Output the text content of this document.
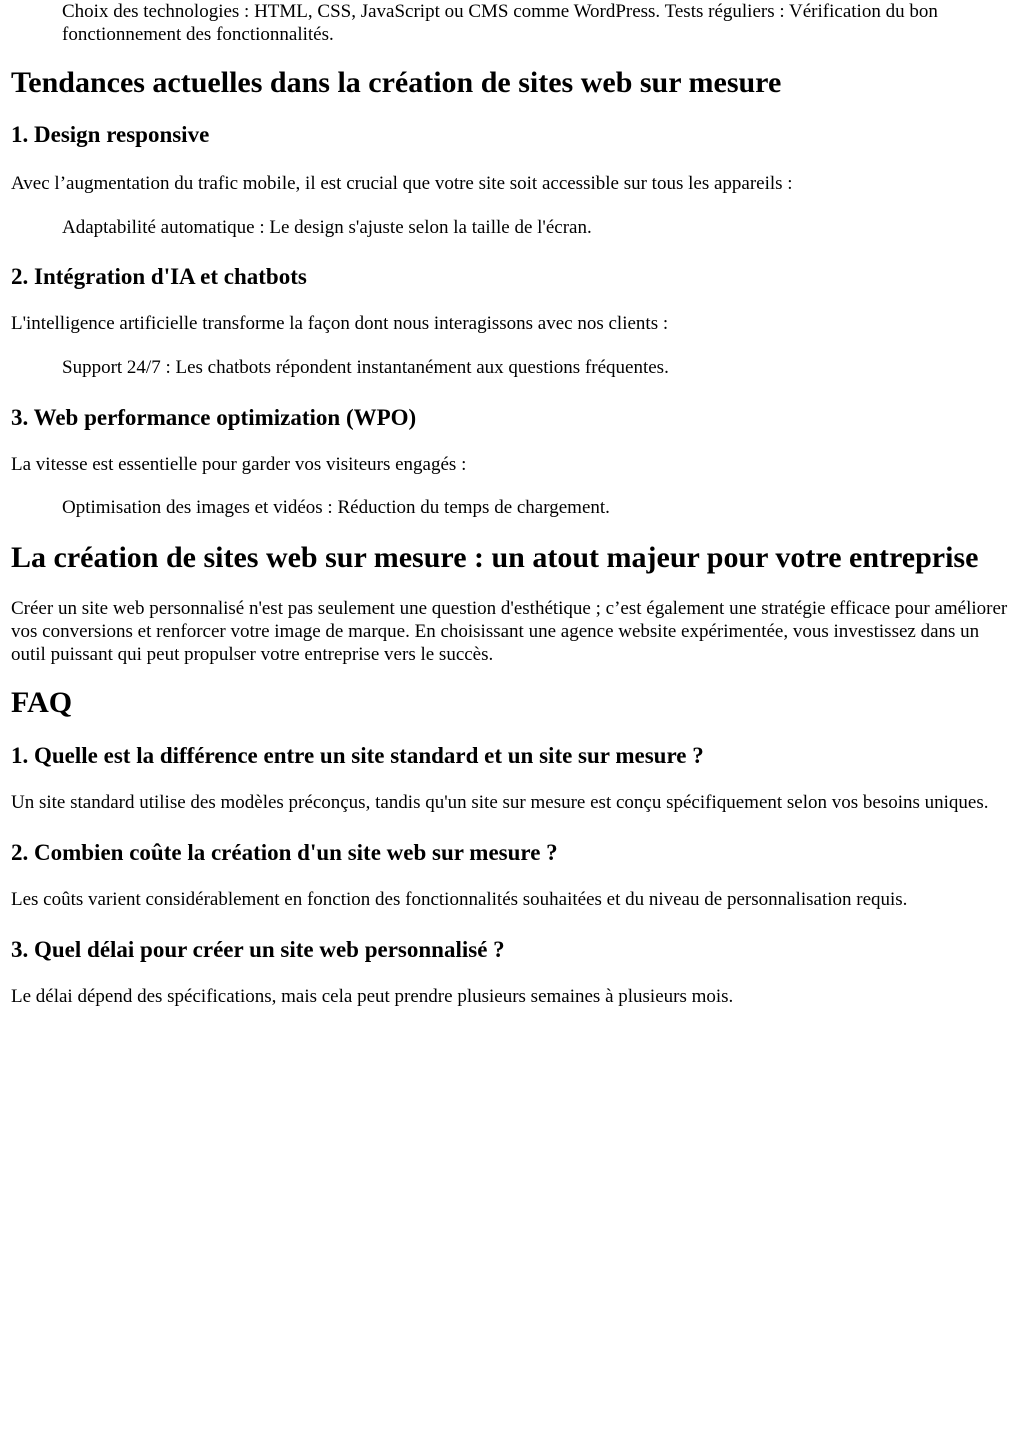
Choix des technologies : HTML, CSS, JavaScript ou CMS comme WordPress. Tests réguliers : Vérification du bon fonctionnement des fonctionnalités.

Tendances actuelles dans la création de sites web sur mesure
1. Design responsive

Avec l’augmentation du trafic mobile, il est crucial que votre site soit accessible sur tous les appareils :

Adaptabilité automatique : Le design s'ajuste selon la taille de l'écran.

2. Intégration d'IA et chatbots

L'intelligence artificielle transforme la façon dont nous interagissons avec nos clients :

Support 24/7 : Les chatbots répondent instantanément aux questions fréquentes.

3. Web performance optimization (WPO)

La vitesse est essentielle pour garder vos visiteurs engagés :

Optimisation des images et vidéos : Réduction du temps de chargement.

La création de sites web sur mesure : un atout majeur pour votre entreprise

Créer un site web personnalisé n'est pas seulement une question d'esthétique ; c’est également une stratégie efficace pour améliorer vos conversions et renforcer votre image de marque. En choisissant une agence website expérimentée, vous investissez dans un outil puissant qui peut propulser votre entreprise vers le succès.

FAQ
1. Quelle est la différence entre un site standard et un site sur mesure ?

Un site standard utilise des modèles préconçus, tandis qu'un site sur mesure est conçu spécifiquement selon vos besoins uniques.

2. Combien coûte la création d'un site web sur mesure ?

Les coûts varient considérablement en fonction des fonctionnalités souhaitées et du niveau de personnalisation requis.

3. Quel délai pour créer un site web personnalisé ?

Le délai dépend des spécifications, mais cela peut prendre plusieurs semaines à plusieurs mois.
